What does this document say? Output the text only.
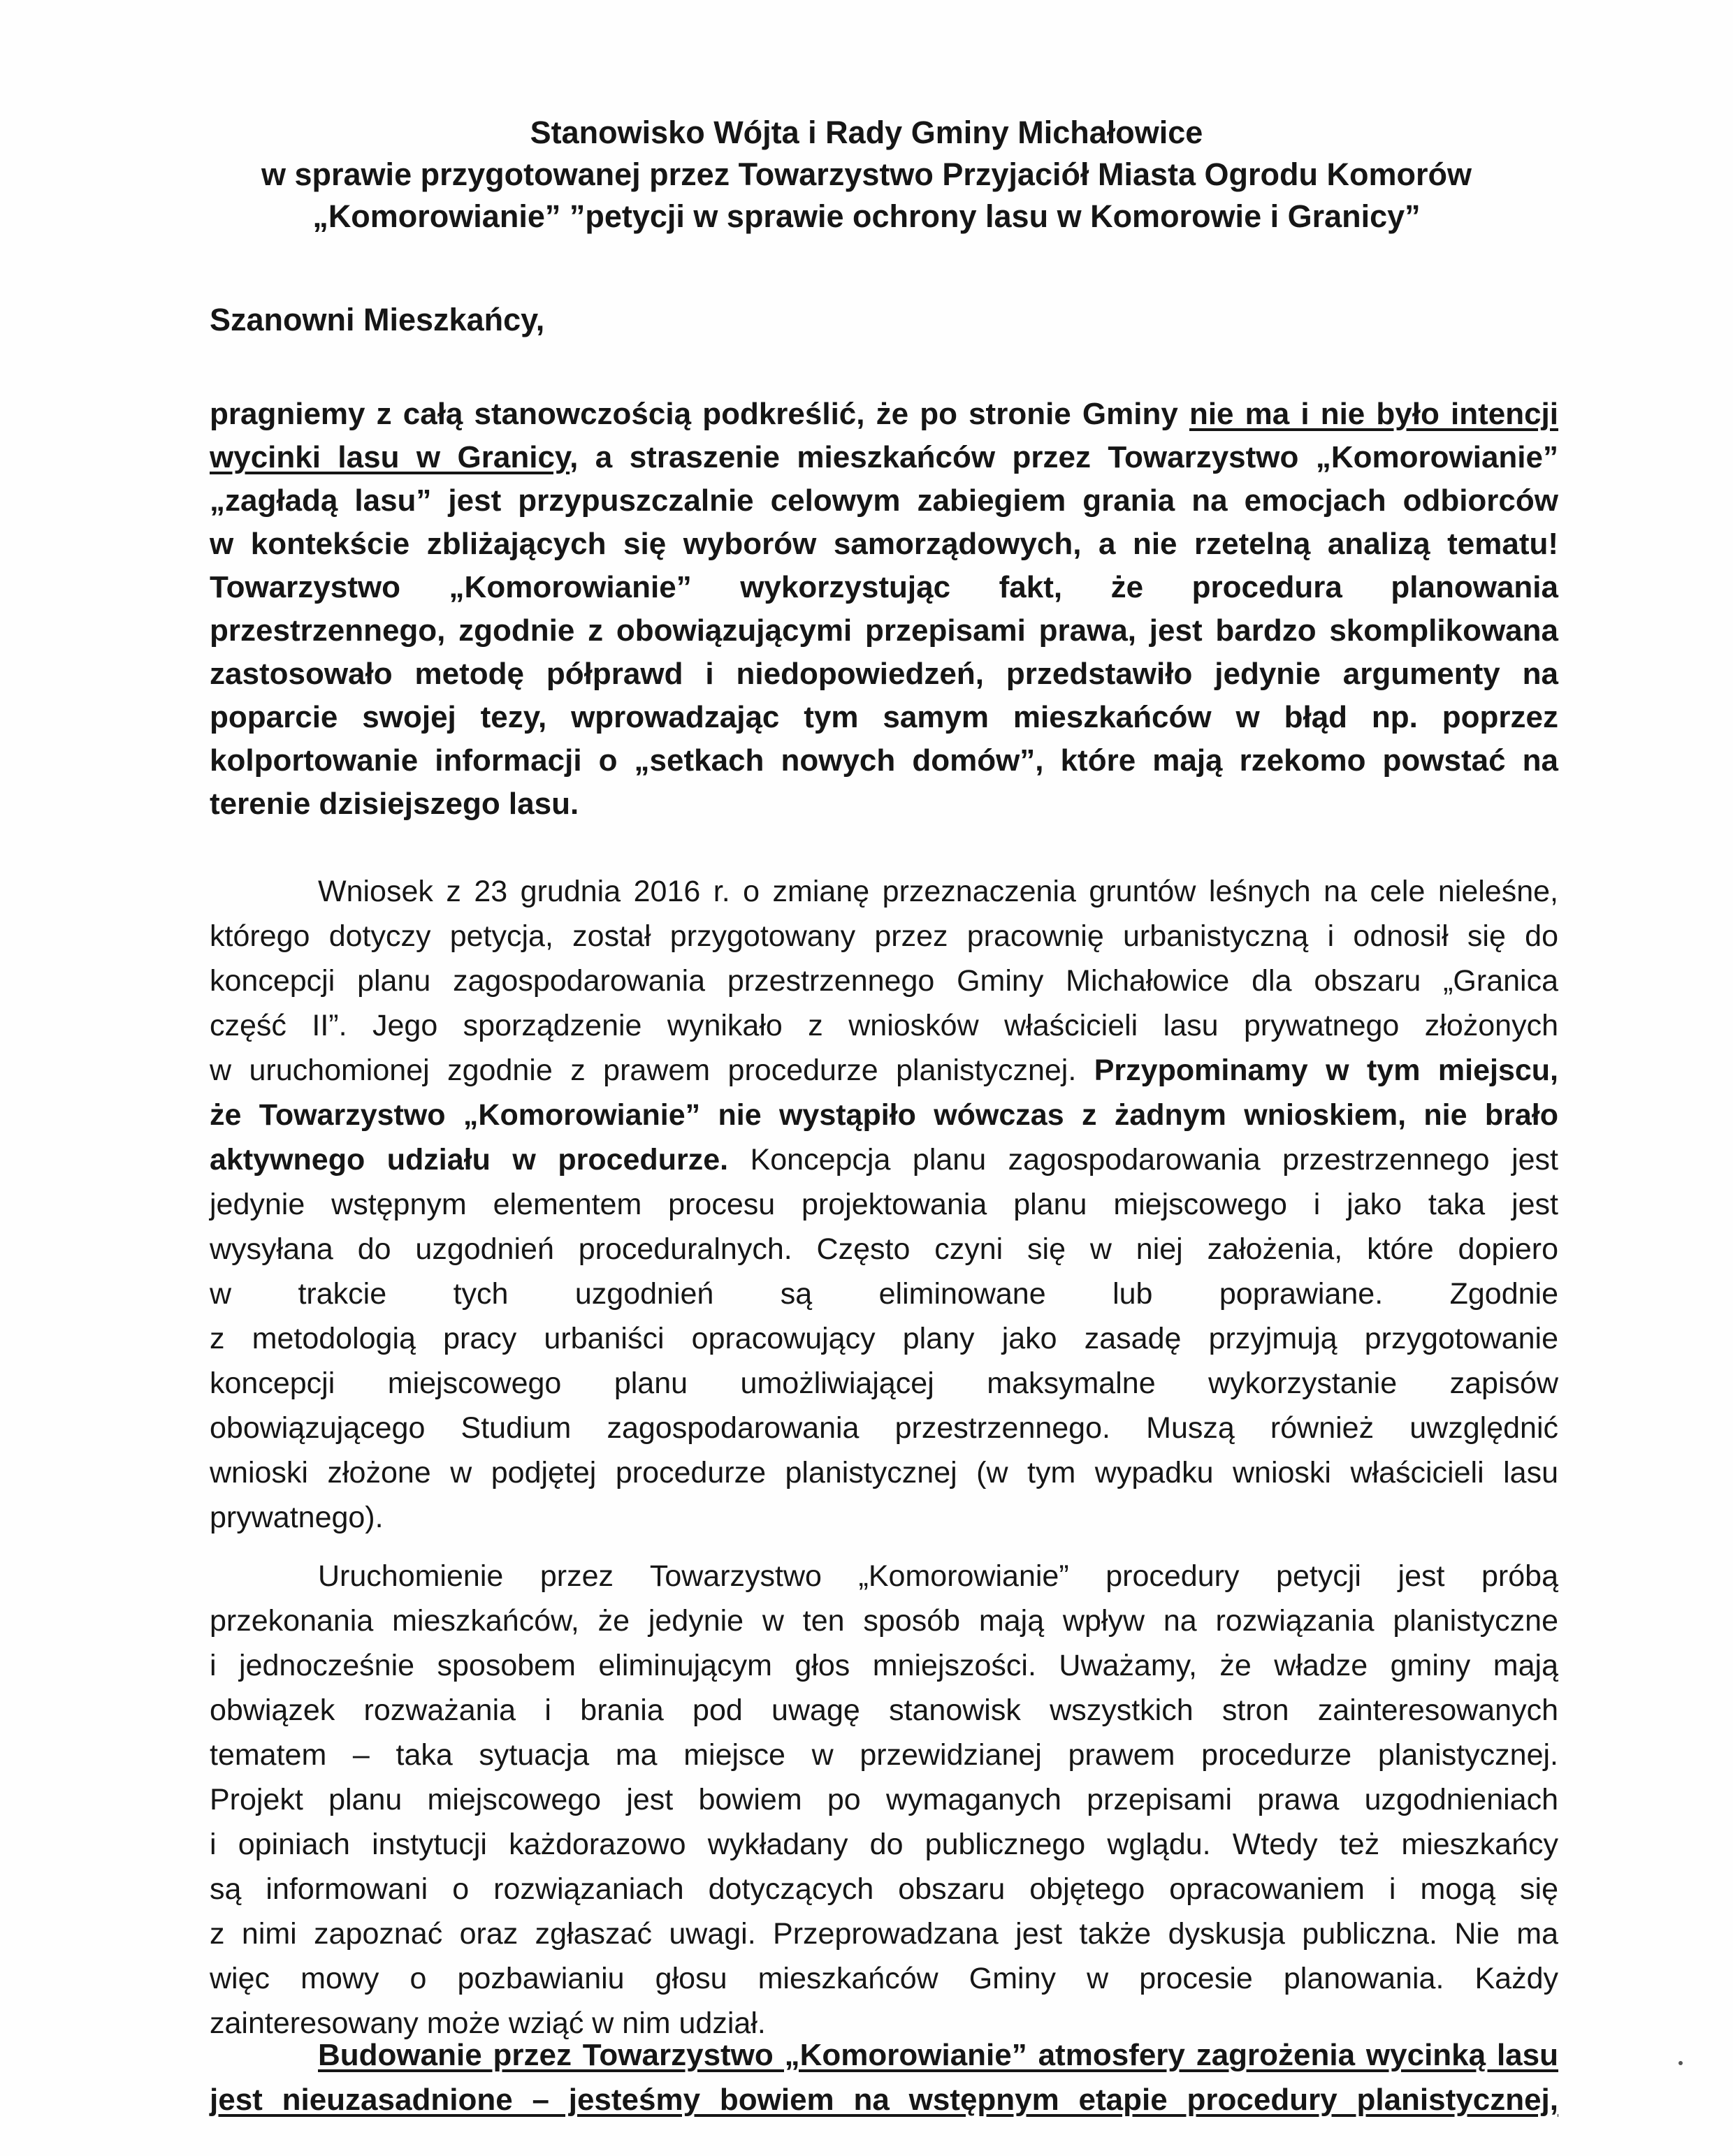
Stanowisko Wójta i Rady Gminy Michałowice
w sprawie przygotowanej przez Towarzystwo Przyjaciół Miasta Ogrodu Komorów
„Komorowianie” ”petycji w sprawie ochrony lasu w Komorowie i Granicy”
Szanowni Mieszkańcy,
pragniemy z całą stanowczością podkreślić, że po stronie Gminy nie ma i nie było intencji
wycinki lasu w Granicy, a straszenie mieszkańców przez Towarzystwo „Komorowianie”
„zagładą lasu” jest przypuszczalnie celowym zabiegiem grania na emocjach odbiorców
w kontekście zbliżających się wyborów samorządowych, a nie rzetelną analizą tematu!
Towarzystwo „Komorowianie” wykorzystując fakt, że procedura planowania
przestrzennego, zgodnie z obowiązującymi przepisami prawa, jest bardzo skomplikowana
zastosowało metodę półprawd i niedopowiedzeń, przedstawiło jedynie argumenty na
poparcie swojej tezy, wprowadzając tym samym mieszkańców w błąd np. poprzez
kolportowanie informacji o „setkach nowych domów”, które mają rzekomo powstać na
terenie dzisiejszego lasu.
Wniosek z 23 grudnia 2016 r. o zmianę przeznaczenia gruntów leśnych na cele nieleśne,
którego dotyczy petycja, został przygotowany przez pracownię urbanistyczną i odnosił się do
koncepcji planu zagospodarowania przestrzennego Gminy Michałowice dla obszaru „Granica
część II”. Jego sporządzenie wynikało z wniosków właścicieli lasu prywatnego złożonych
w uruchomionej zgodnie z prawem procedurze planistycznej. Przypominamy w tym miejscu,
że Towarzystwo „Komorowianie” nie wystąpiło wówczas z żadnym wnioskiem, nie brało
aktywnego udziału w procedurze. Koncepcja planu zagospodarowania przestrzennego jest
jedynie wstępnym elementem procesu projektowania planu miejscowego i jako taka jest
wysyłana do uzgodnień proceduralnych. Często czyni się w niej założenia, które dopiero
w trakcie tych uzgodnień są eliminowane lub poprawiane. Zgodnie
z metodologią pracy urbaniści opracowujący plany jako zasadę przyjmują przygotowanie
koncepcji miejscowego planu umożliwiającej maksymalne wykorzystanie zapisów
obowiązującego Studium zagospodarowania przestrzennego. Muszą również uwzględnić
wnioski złożone w podjętej procedurze planistycznej (w tym wypadku wnioski właścicieli lasu
prywatnego).
Uruchomienie przez Towarzystwo „Komorowianie” procedury petycji jest próbą
przekonania mieszkańców, że jedynie w ten sposób mają wpływ na rozwiązania planistyczne
i jednocześnie sposobem eliminującym głos mniejszości. Uważamy, że władze gminy mają
obwiązek rozważania i brania pod uwagę stanowisk wszystkich stron zainteresowanych
tematem – taka sytuacja ma miejsce w przewidzianej prawem procedurze planistycznej.
Projekt planu miejscowego jest bowiem po wymaganych przepisami prawa uzgodnieniach
i opiniach instytucji każdorazowo wykładany do publicznego wglądu. Wtedy też mieszkańcy
są informowani o rozwiązaniach dotyczących obszaru objętego opracowaniem i mogą się
z nimi zapoznać oraz zgłaszać uwagi. Przeprowadzana jest także dyskusja publiczna. Nie ma
więc mowy o pozbawianiu głosu mieszkańców Gminy w procesie planowania. Każdy
zainteresowany może wziąć w nim udział.
Budowanie przez Towarzystwo „Komorowianie” atmosfery zagrożenia wycinką lasu
jest nieuzasadnione – jesteśmy bowiem na wstępnym etapie procedury planistycznej,
